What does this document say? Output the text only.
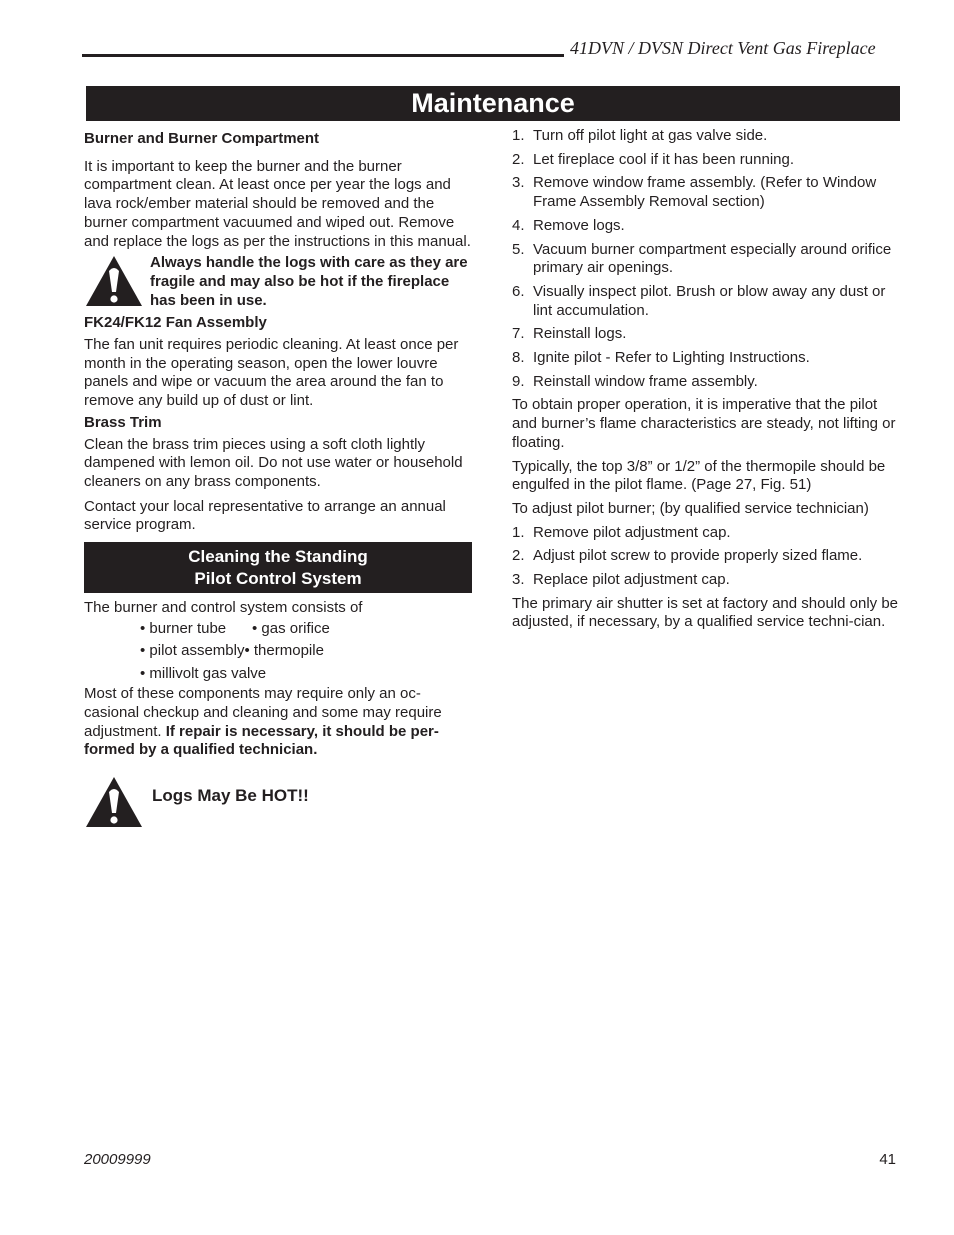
41DVN / DVSN Direct Vent Gas Fireplace
Maintenance

Burner and Burner Compartment

It is important to keep the burner and the burner compartment clean. At least once per year the logs and lava rock/ember material should be removed and the burner compartment vacuumed and wiped out. Remove and replace the logs as per the instructions in this manual.

Always handle the logs with care as they are fragile and may also be hot if the fireplace has been in use.

FK24/FK12 Fan Assembly

The fan unit requires periodic cleaning. At least once per month in the operating season, open the lower louvre panels and wipe or vacuum the area around the fan to remove any build up of dust or lint.

Brass Trim

Clean the brass trim pieces using a soft cloth lightly dampened with lemon oil. Do not use water or household cleaners on any brass components.

Contact your local representative to arrange an annual service program.

Cleaning the Standing
Pilot Control System

The burner and control system consists of

• burner tube • gas orifice
• pilot assembly• thermopile
• millivolt gas valve

Most of these components may require only an oc-casional checkup and cleaning and some may require adjustment. If repair is necessary, it should be per-formed by a qualified technician.

Logs May Be HOT!!
1. Turn off pilot light at gas valve side.
2. Let fireplace cool if it has been running.
3. Remove window frame assembly. (Refer to Window Frame Assembly Removal section)
4. Remove logs.
5. Vacuum burner compartment especially around orifice primary air openings.
6. Visually inspect pilot. Brush or blow away any dust or lint accumulation.
7. Reinstall logs.
8. Ignite pilot - Refer to Lighting Instructions.
9. Reinstall window frame assembly.

To obtain proper operation, it is imperative that the pilot and burner’s flame characteristics are steady, not lifting or floating.

Typically, the top 3/8” or 1/2” of the thermopile should be engulfed in the pilot flame. (Page 27, Fig. 51)

To adjust pilot burner; (by qualified service technician)

1. Remove pilot adjustment cap.
2. Adjust pilot screw to provide properly sized flame.
3. Replace pilot adjustment cap.

The primary air shutter is set at factory and should only be adjusted, if necessary, by a qualified service techni-cian.

20009999	41
